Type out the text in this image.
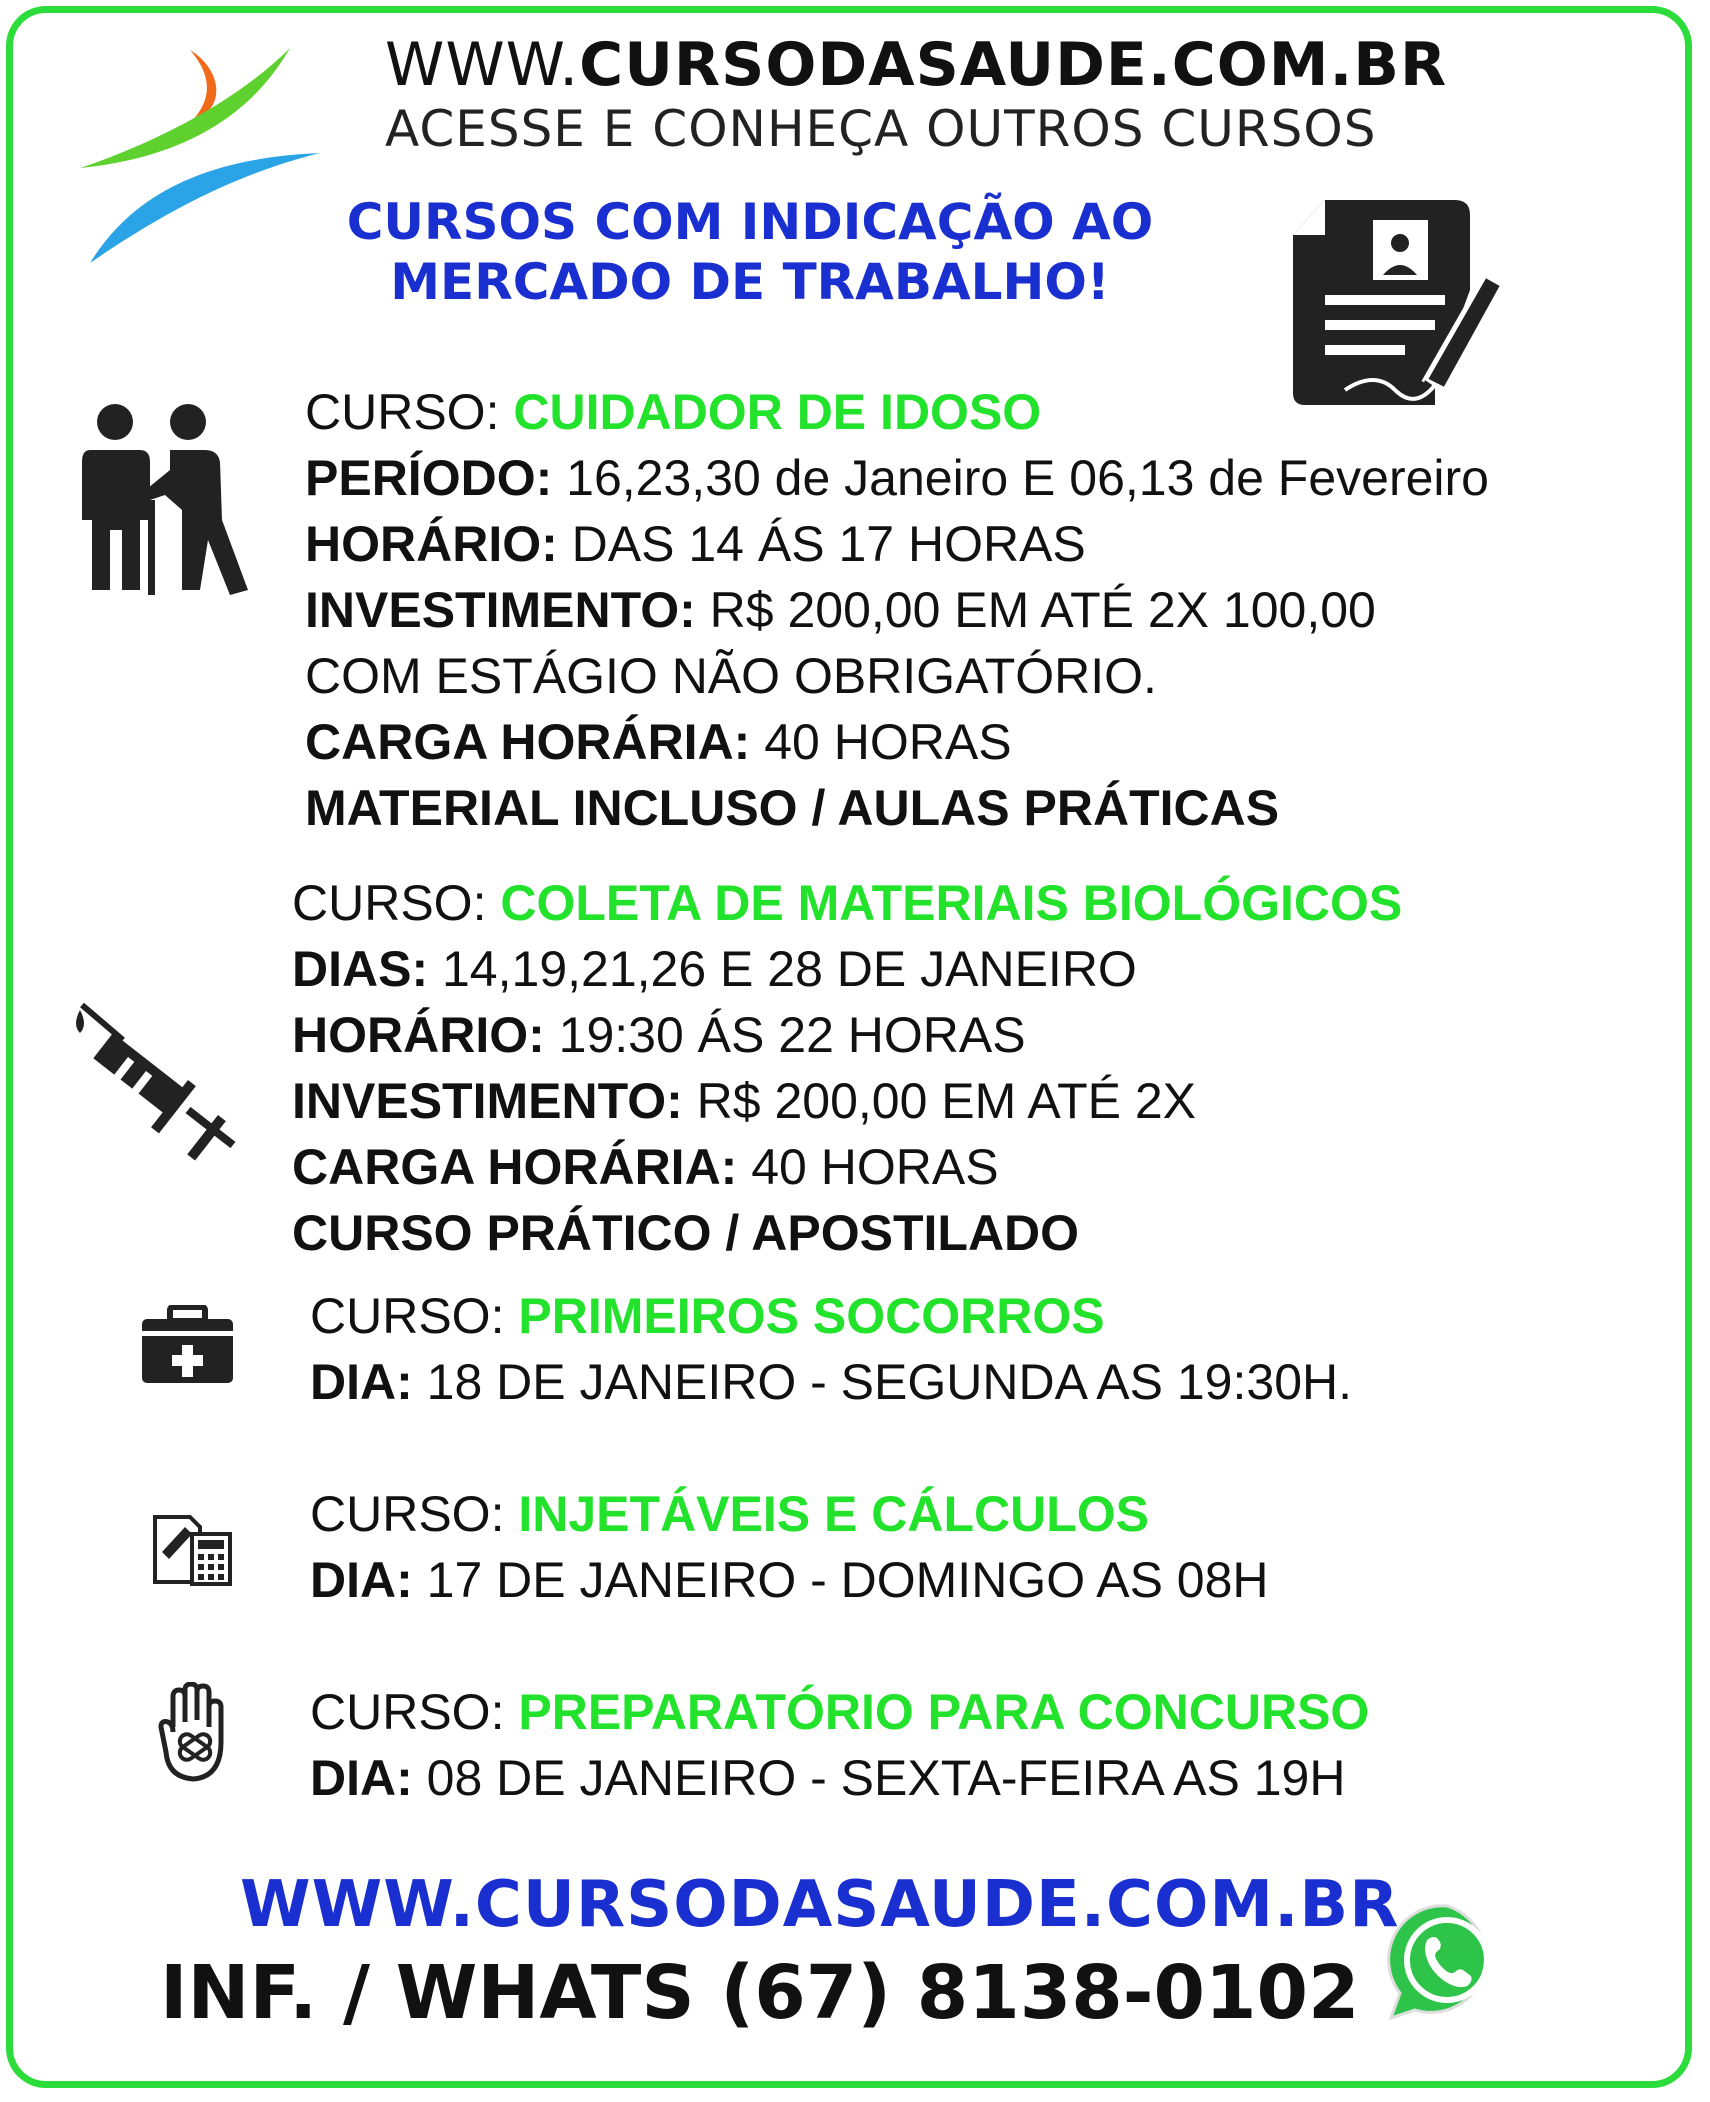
WWW.CURSODASAUDE.COM.BR
ACESSE E CONHEÇA OUTROS CURSOS
CURSOS COM INDICAÇÃO AO
MERCADO DE TRABALHO!
CURSO: CUIDADOR DE IDOSO
PERÍODO: 16,23,30 de Janeiro E 06,13 de Fevereiro
HORÁRIO: DAS 14 ÁS 17 HORAS
INVESTIMENTO: R$ 200,00 EM ATÉ 2X 100,00
COM ESTÁGIO NÃO OBRIGATÓRIO.
CARGA HORÁRIA: 40 HORAS
MATERIAL INCLUSO / AULAS PRÁTICAS
CURSO: COLETA DE MATERIAIS BIOLÓGICOS
DIAS: 14,19,21,26 E 28 DE JANEIRO
HORÁRIO: 19:30 ÁS 22 HORAS
INVESTIMENTO: R$ 200,00 EM ATÉ 2X
CARGA HORÁRIA: 40 HORAS
CURSO PRÁTICO / APOSTILADO
CURSO: PRIMEIROS SOCORROS
DIA: 18 DE JANEIRO - SEGUNDA AS 19:30H.
CURSO: INJETÁVEIS E CÁLCULOS
DIA: 17 DE JANEIRO - DOMINGO AS 08H
CURSO: PREPARATÓRIO PARA CONCURSO
DIA: 08 DE JANEIRO - SEXTA-FEIRA AS 19H
WWW.CURSODASAUDE.COM.BR
INF. / WHATS (67) 8138-0102
